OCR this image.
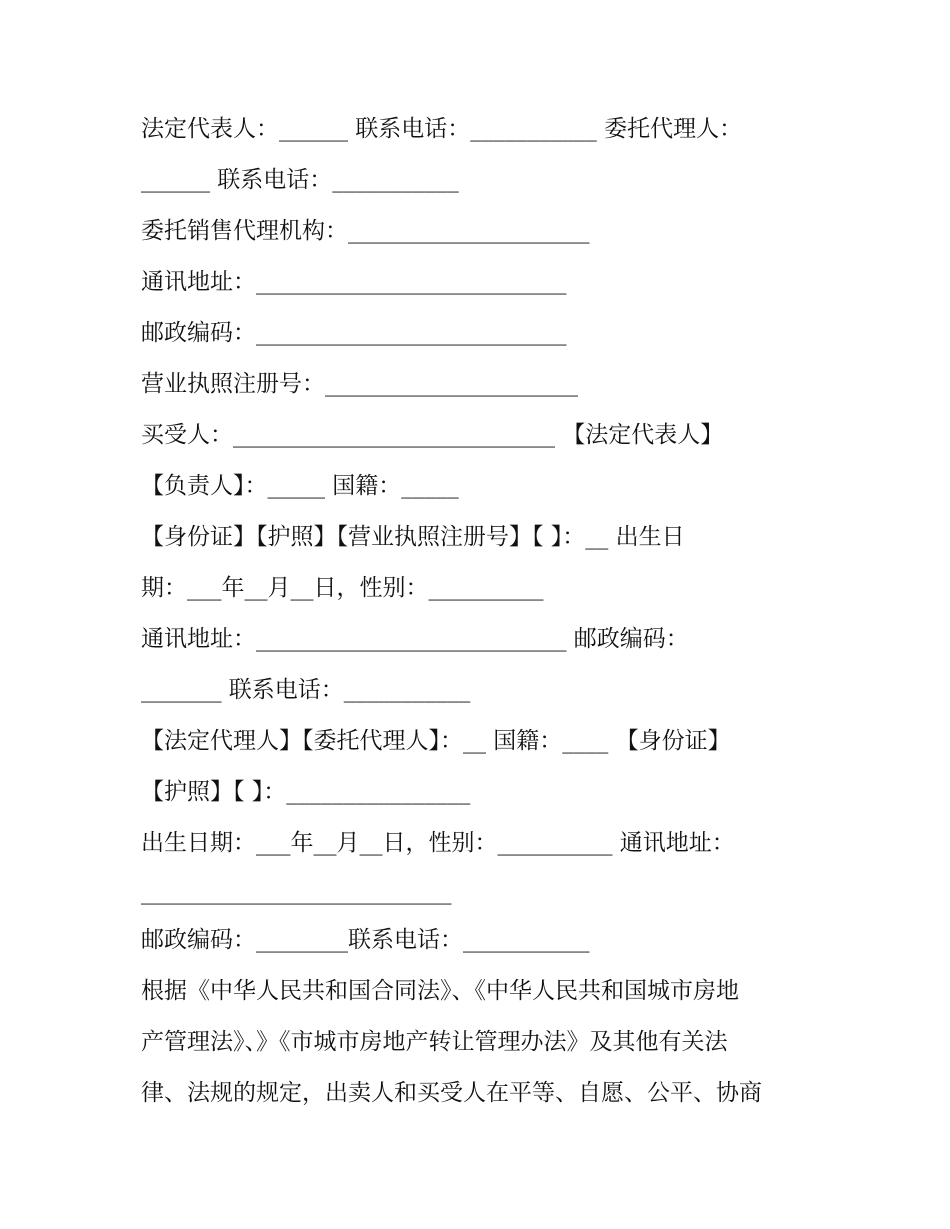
法定代表人：______ 联系电话：___________ 委托代理人：
______ 联系电话：___________
委托销售代理机构：_____________________
通讯地址：___________________________
邮政编码：___________________________
营业执照注册号：______________________
买受人：____________________________ 【法定代表人】
【负责人】：_____ 国籍：_____
【身份证】【护照】【营业执照注册号】【 】：__ 出生日
期：___年__月__日，性别：__________
通讯地址：___________________________ 邮政编码：
_______ 联系电话：___________
【法定代理人】【委托代理人】：__ 国籍：____ 【身份证】
【护照】【 】：________________
出生日期：___年__月__日，性别：__________ 通讯地址：
___________________________
邮政编码：________联系电话：___________
根据《中华人民共和国合同法》、《中华人民共和国城市房地
产管理法》、》《市城市房地产转让管理办法》及其他有关法
律、法规的规定，出卖人和买受人在平等、自愿、公平、协商
